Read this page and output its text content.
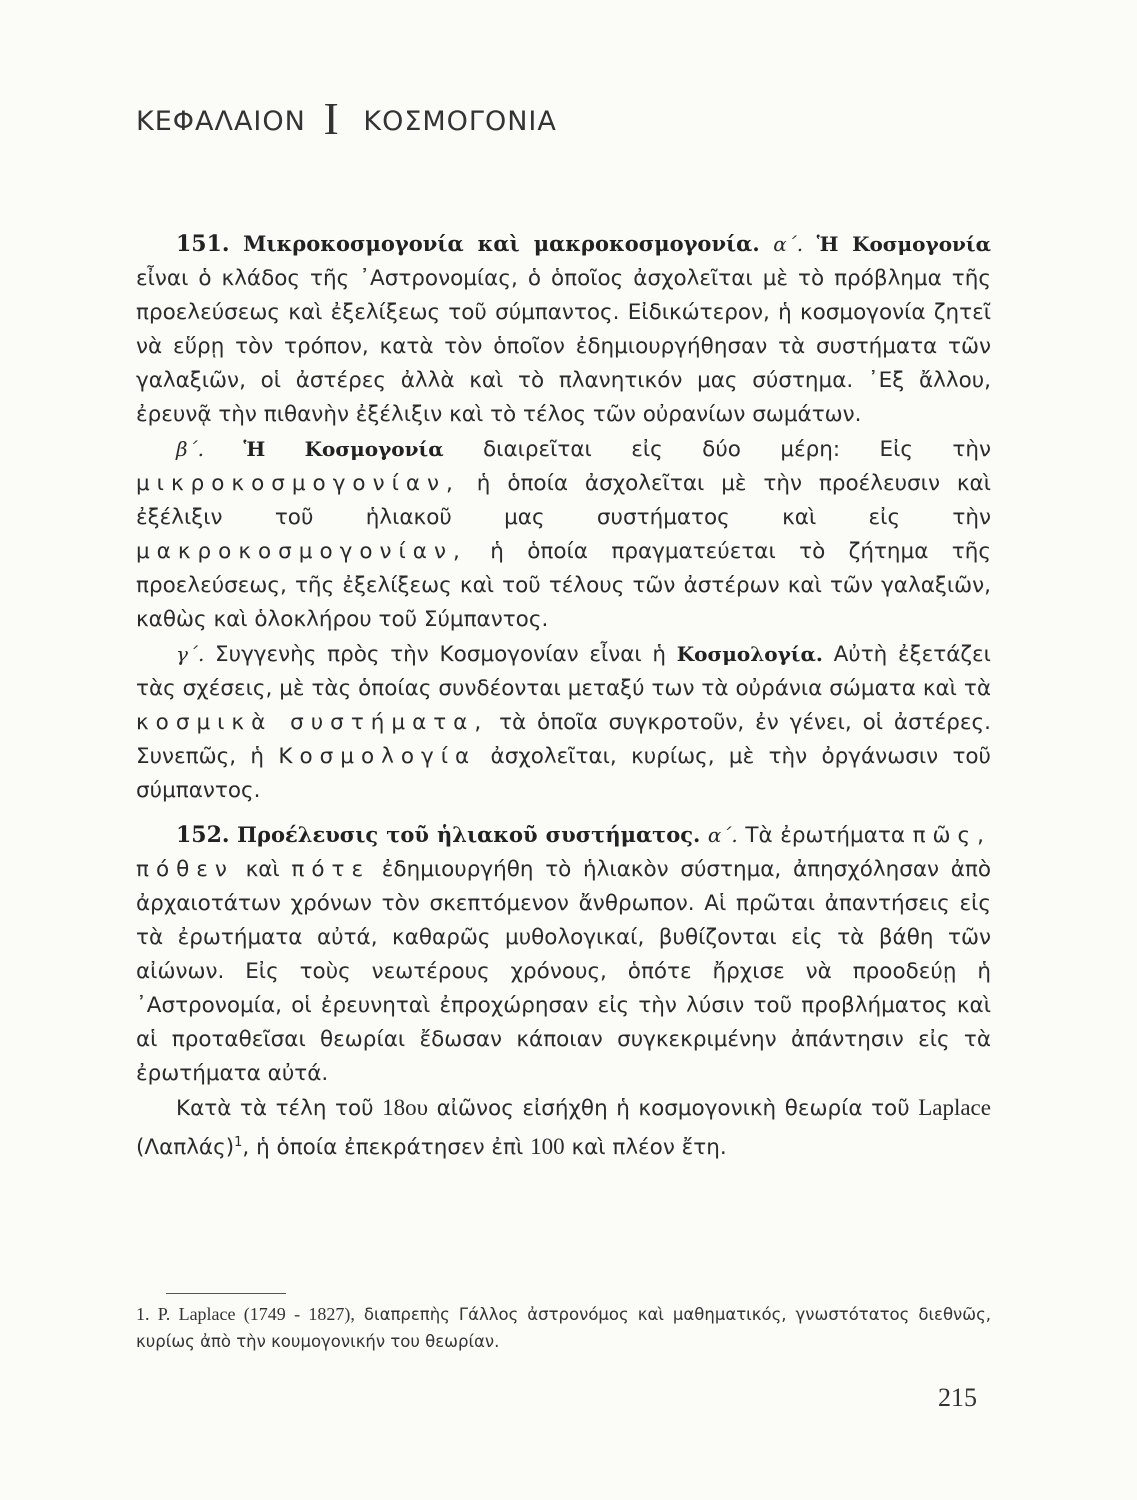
ΚΕΦΑΛΑΙΟΝ I ΚΟΣΜΟΓΟΝΙΑ

151. Μικροκοσμογονία καὶ μακροκοσμογονία. α΄. Ἡ Κοσμογονία εἶναι ὁ κλάδος τῆς ᾿Αστρονομίας, ὁ ὁποῖος ἀσχολεῖται μὲ τὸ πρόβλημα τῆς προελεύσεως καὶ ἐξελίξεως τοῦ σύμπαντος. Εἰδικώτερον, ἡ κοσμογονία ζητεῖ νὰ εὕρῃ τὸν τρόπον, κατὰ τὸν ὁποῖον ἐδημιουργήθησαν τὰ συστήματα τῶν γαλαξιῶν, οἱ ἀστέρες ἀλλὰ καὶ τὸ πλανητικόν μας σύστημα. ᾿Εξ ἄλλου, ἐρευνᾷ τὴν πιθανὴν ἐξέλιξιν καὶ τὸ τέλος τῶν οὐρανίων σωμάτων.

β΄. Ἡ Κοσμογονία διαιρεῖται εἰς δύο μέρη: Εἰς τὴν μικροκοσμογονίαν, ἡ ὁποία ἀσχολεῖται μὲ τὴν προέλευσιν καὶ ἐξέλιξιν τοῦ ἡλιακοῦ μας συστήματος καὶ εἰς τὴν μακροκοσμογονίαν, ἡ ὁποία πραγματεύεται τὸ ζήτημα τῆς προελεύσεως, τῆς ἐξελίξεως καὶ τοῦ τέλους τῶν ἀστέρων καὶ τῶν γαλαξιῶν, καθὼς καὶ ὁλοκλήρου τοῦ Σύμπαντος.

γ΄. Συγγενὴς πρὸς τὴν Κοσμογονίαν εἶναι ἡ Κοσμολογία. Αὐτὴ ἐξετάζει τὰς σχέσεις, μὲ τὰς ὁποίας συνδέονται μεταξύ των τὰ οὐράνια σώματα καὶ τὰ κοσμικὰ συστήματα, τὰ ὁποῖα συγκροτοῦν, ἐν γένει, οἱ ἀστέρες. Συνεπῶς, ἡ Κοσμολογία ἀσχολεῖται, κυρίως, μὲ τὴν ὀργάνωσιν τοῦ σύμπαντος.

152. Προέλευσις τοῦ ἡλιακοῦ συστήματος. α΄. Τὰ ἐρωτήματα πῶς, πόθεν καὶ πότε ἐδημιουργήθη τὸ ἡλιακὸν σύστημα, ἀπησχόλησαν ἀπὸ ἀρχαιοτάτων χρόνων τὸν σκεπτόμενον ἄνθρωπον. Αἱ πρῶται ἀπαντήσεις εἰς τὰ ἐρωτήματα αὐτά, καθαρῶς μυθολογικαί, βυθίζονται εἰς τὰ βάθη τῶν αἰώνων. Εἰς τοὺς νεωτέρους χρόνους, ὁπότε ἤρχισε νὰ προοδεύῃ ἡ ᾿Αστρονομία, οἱ ἐρευνηταὶ ἐπροχώρησαν εἰς τὴν λύσιν τοῦ προβλήματος καὶ αἱ προταθεῖσαι θεωρίαι ἔδωσαν κάποιαν συγκεκριμένην ἀπάντησιν εἰς τὰ ἐρωτήματα αὐτά.

Κατὰ τὰ τέλη τοῦ 18ου αἰῶνος εἰσήχθη ἡ κοσμογονικὴ θεωρία τοῦ Laplace $(\Lambda\alpha\pi\lambda ά\varsigma)^1$, ἡ ὁποία ἐπεκράτησεν ἐπὶ 100 καὶ πλέον ἔτη.

1. P. Laplace (1749 - 1827), διαπρεπὴς Γάλλος ἀστρονόμος καὶ μαθηματικός, γνωστότατος διεθνῶς, κυρίως ἀπὸ τὴν κουμογονικήν του θεωρίαν.

215
